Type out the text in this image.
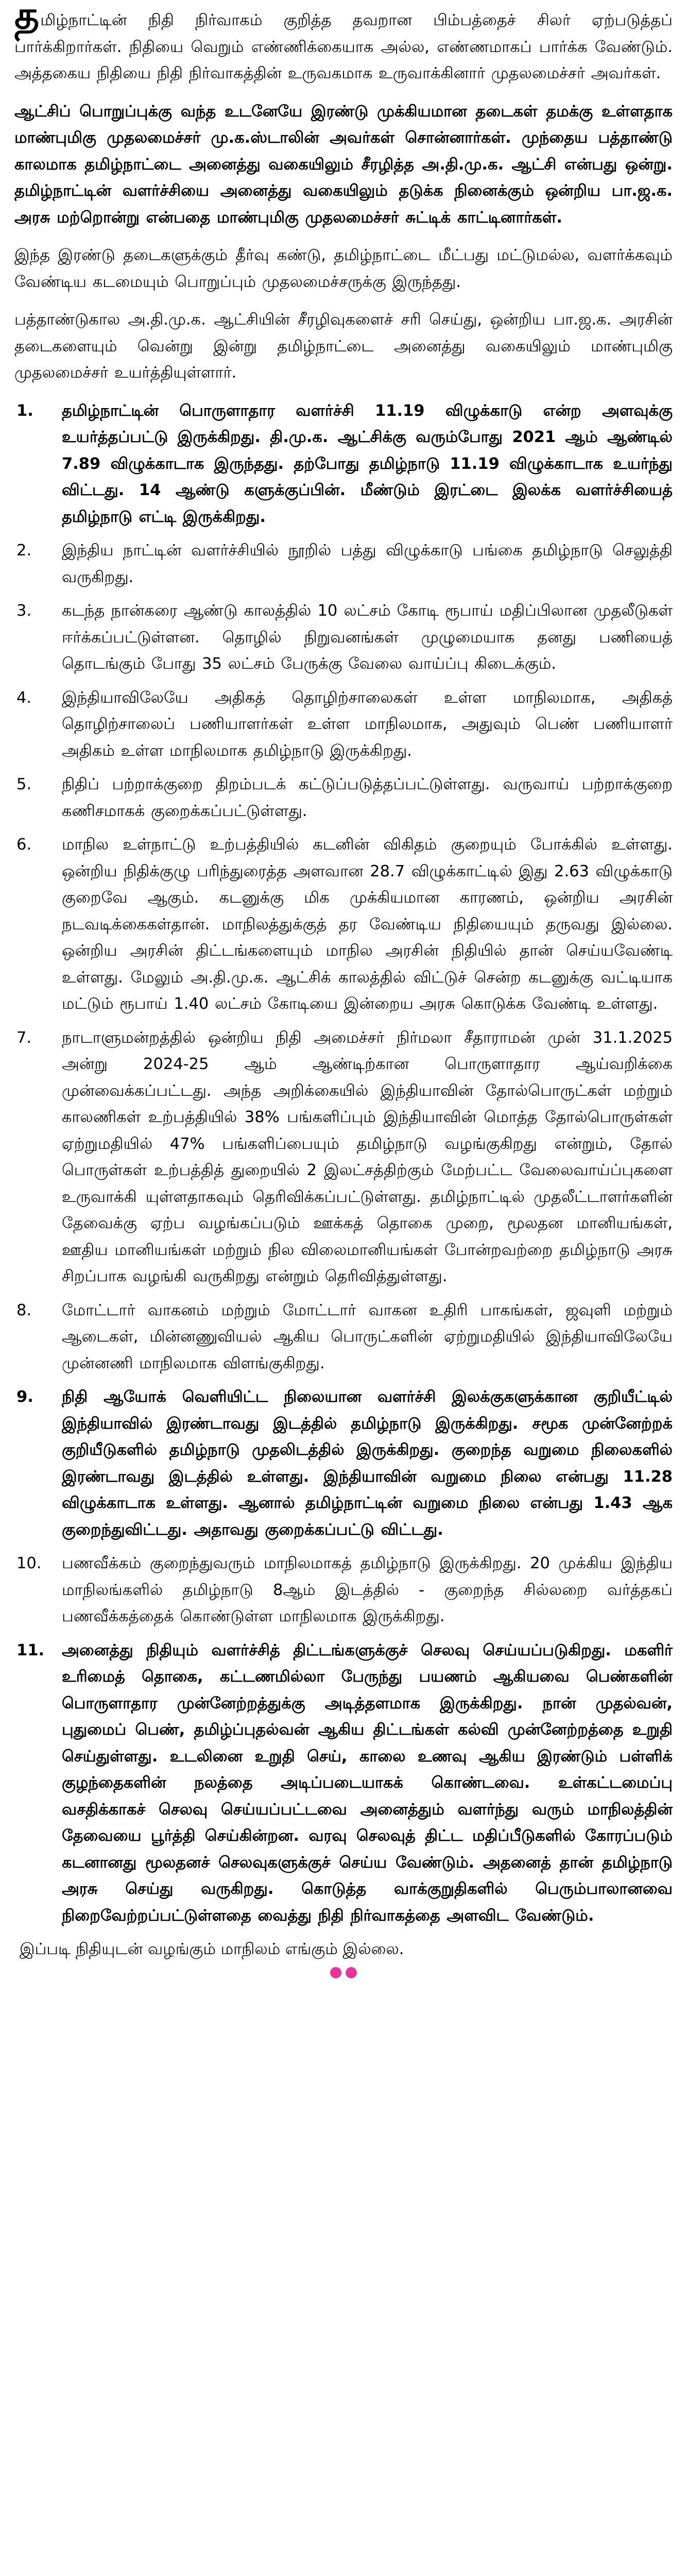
தமிழ்நாட்டின் நிதி நிர்வாகம் குறித்த தவறான பிம்பத்தைச் சிலர் ஏற்படுத்தப் பார்க்கிறார்கள். நிதியை வெறும் எண்ணிக்கையாக அல்ல, எண்ணமாகப் பார்க்க வேண்டும். அத்தகைய நிதியை நிதி நிர்வாகத்தின் உருவகமாக உருவாக்கினார் முதலமைச்சர் அவர்கள்.

ஆட்சிப் பொறுப்புக்கு வந்த உடனேயே இரண்டு முக்கியமான தடைகள் தமக்கு உள்ளதாக மாண்புமிகு முதலமைச்சர் மு.க.ஸ்டாலின் அவர்கள் சொன்னார்கள். முந்தைய பத்தாண்டு காலமாக தமிழ்நாட்டை அனைத்து வகையிலும் சீரழித்த அ.தி.மு.க. ஆட்சி என்பது ஒன்று. தமிழ்நாட்டின் வளர்ச்சியை அனைத்து வகையிலும் தடுக்க நினைக்கும் ஒன்றிய பா.ஜ.க. அரசு மற்றொன்று என்பதை மாண்புமிகு முதலமைச்சர் சுட்டிக் காட்டினார்கள்.

இந்த இரண்டு தடைகளுக்கும் தீர்வு கண்டு, தமிழ்நாட்டை மீட்பது மட்டுமல்ல, வளர்க்கவும் வேண்டிய கடமையும் பொறுப்பும் முதலமைச்சருக்கு இருந்தது.

பத்தாண்டுகால அ.தி.மு.க. ஆட்சியின் சீரழிவுகளைச் சரி செய்து, ஒன்றிய பா.ஜ.க. அரசின் தடைகளையும் வென்று இன்று தமிழ்நாட்டை அனைத்து வகையிலும் மாண்புமிகு முதலமைச்சர் உயர்த்தியுள்ளார்.

1.	தமிழ்நாட்டின் பொருளாதார வளர்ச்சி 11.19 விழுக்காடு என்ற அளவுக்கு உயர்த்தப்பட்டு இருக்கிறது. தி.மு.க. ஆட்சிக்கு வரும்போது 2021 ஆம் ஆண்டில் 7.89 விழுக்காடாக இருந்தது. தற்போது தமிழ்நாடு 11.19 விழுக்காடாக உயர்ந்து விட்டது. 14 ஆண்டு களுக்குப்பின். மீண்டும் இரட்டை இலக்க வளர்ச்சியைத் தமிழ்நாடு எட்டி இருக்கிறது.
2.	இந்திய நாட்டின் வளர்ச்சியில் நூறில் பத்து விழுக்காடு பங்கை தமிழ்நாடு செலுத்தி வருகிறது.
3.	கடந்த நான்கரை ஆண்டு காலத்தில் 10 லட்சம் கோடி ரூபாய் மதிப்பிலான முதலீடுகள் ஈர்க்கப்பட்டுள்ளன. தொழில் நிறுவனங்கள் முழுமையாக தனது பணியைத் தொடங்கும் போது 35 லட்சம் பேருக்கு வேலை வாய்ப்பு கிடைக்கும்.
4.	இந்தியாவிலேயே அதிகத் தொழிற்சாலைகள் உள்ள மாநிலமாக, அதிகத் தொழிற்சாலைப் பணியாளர்கள் உள்ள மாநிலமாக, அதுவும் பெண் பணியாளர் அதிகம் உள்ள மாநிலமாக தமிழ்நாடு இருக்கிறது.
5.	நிதிப் பற்றாக்குறை திறம்படக் கட்டுப்படுத்தப்பட்டுள்ளது. வருவாய் பற்றாக்குறை கணிசமாகக் குறைக்கப்பட்டுள்ளது.
6.	மாநில உள்நாட்டு உற்பத்தியில் கடனின் விகிதம் குறையும் போக்கில் உள்ளது. ஒன்றிய நிதிக்குழு பரிந்துரைத்த அளவான 28.7 விழுக்காட்டில் இது 2.63 விழுக்காடு குறைவே ஆகும். கடனுக்கு மிக முக்கியமான காரணம், ஒன்றிய அரசின் நடவடிக்கைகள்தான். மாநிலத்துக்குத் தர வேண்டிய நிதியையும் தருவது இல்லை. ஒன்றிய அரசின் திட்டங்களையும் மாநில அரசின் நிதியில் தான் செய்யவேண்டி உள்ளது. மேலும் அ.தி.மு.க. ஆட்சிக் காலத்தில் விட்டுச் சென்ற கடனுக்கு வட்டியாக மட்டும் ரூபாய் 1.40 லட்சம் கோடியை இன்றைய அரசு கொடுக்க வேண்டி உள்ளது.
7.	நாடாளுமன்றத்தில் ஒன்றிய நிதி அமைச்சர் நிர்மலா சீதாராமன் முன் 31.1.2025 அன்று 2024-25 ஆம் ஆண்டிற்கான பொருளாதார ஆய்வறிக்கை முன்வைக்கப்பட்டது. அந்த அறிக்கையில் இந்தியாவின் தோல்பொருட்கள் மற்றும் காலணிகள் உற்பத்தியில் 38% பங்களிப்பும் இந்தியாவின் மொத்த தோல்பொருள்கள் ஏற்றுமதியில் 47% பங்களிப்பையும் தமிழ்நாடு வழங்குகிறது என்றும், தோல் பொருள்கள் உற்பத்தித் துறையில் 2 இலட்சத்திற்கும் மேற்பட்ட வேலைவாய்ப்புகளை உருவாக்கி யுள்ளதாகவும் தெரிவிக்கப்பட்டுள்ளது. தமிழ்நாட்டில் முதலீட்டாளர்களின் தேவைக்கு ஏற்ப வழங்கப்படும் ஊக்கத் தொகை முறை, மூலதன மானியங்கள், ஊதிய மானியங்கள் மற்றும் நில விலைமானியங்கள் போன்றவற்றை தமிழ்நாடு அரசு சிறப்பாக வழங்கி வருகிறது என்றும் தெரிவித்துள்ளது.
8.	மோட்டார் வாகனம் மற்றும் மோட்டார் வாகன உதிரி பாகங்கள், ஜவுளி மற்றும் ஆடைகள், மின்னணுவியல் ஆகிய பொருட்களின் ஏற்றுமதியில் இந்தியாவிலேயே முன்னணி மாநிலமாக விளங்குகிறது.
9.	நிதி ஆயோக் வெளியிட்ட நிலையான வளர்ச்சி இலக்குகளுக்கான குறியீட்டில் இந்தியாவில் இரண்டாவது இடத்தில் தமிழ்நாடு இருக்கிறது. சமூக முன்னேற்றக் குறியீடுகளில் தமிழ்நாடு முதலிடத்தில் இருக்கிறது. குறைந்த வறுமை நிலைகளில் இரண்டாவது இடத்தில் உள்ளது. இந்தியாவின் வறுமை நிலை என்பது 11.28 விழுக்காடாக உள்ளது. ஆனால் தமிழ்நாட்டின் வறுமை நிலை என்பது 1.43 ஆக குறைந்துவிட்டது. அதாவது குறைக்கப்பட்டு விட்டது.
10.	பணவீக்கம் குறைந்துவரும் மாநிலமாகத் தமிழ்நாடு இருக்கிறது. 20 முக்கிய இந்திய மாநிலங்களில் தமிழ்நாடு 8ஆம் இடத்தில் - குறைந்த சில்லறை வர்த்தகப் பணவீக்கத்தைக் கொண்டுள்ள மாநிலமாக இருக்கிறது.
11.	அனைத்து நிதியும் வளர்ச்சித் திட்டங்களுக்குச் செலவு செய்யப்படுகிறது. மகளிர் உரிமைத் தொகை, கட்டணமில்லா பேருந்து பயணம் ஆகியவை பெண்களின் பொருளாதார முன்னேற்றத்துக்கு அடித்தளமாக இருக்கிறது. நான் முதல்வன், புதுமைப் பெண், தமிழ்ப்புதல்வன் ஆகிய திட்டங்கள் கல்வி முன்னேற்றத்தை உறுதி செய்துள்ளது. உடலினை உறுதி செய், காலை உணவு ஆகிய இரண்டும் பள்ளிக் குழந்தைகளின் நலத்தை அடிப்படையாகக் கொண்டவை. உள்கட்டமைப்பு வசதிக்காகச் செலவு செய்யப்பட்டவை அனைத்தும் வளர்ந்து வரும் மாநிலத்தின் தேவையை பூர்த்தி செய்கின்றன. வரவு செலவுத் திட்ட மதிப்பீடுகளில் கோரப்படும் கடனானது மூலதனச் செலவுகளுக்குச் செய்ய வேண்டும். அதனைத் தான் தமிழ்நாடு அரசு செய்து வருகிறது. கொடுத்த வாக்குறுதிகளில் பெரும்பாலானவை நிறைவேற்றப்பட்டுள்ளதை வைத்து நிதி நிர்வாகத்தை அளவிட வேண்டும்.

இப்படி நிதியுடன் வழங்கும் மாநிலம் எங்கும் இல்லை.
